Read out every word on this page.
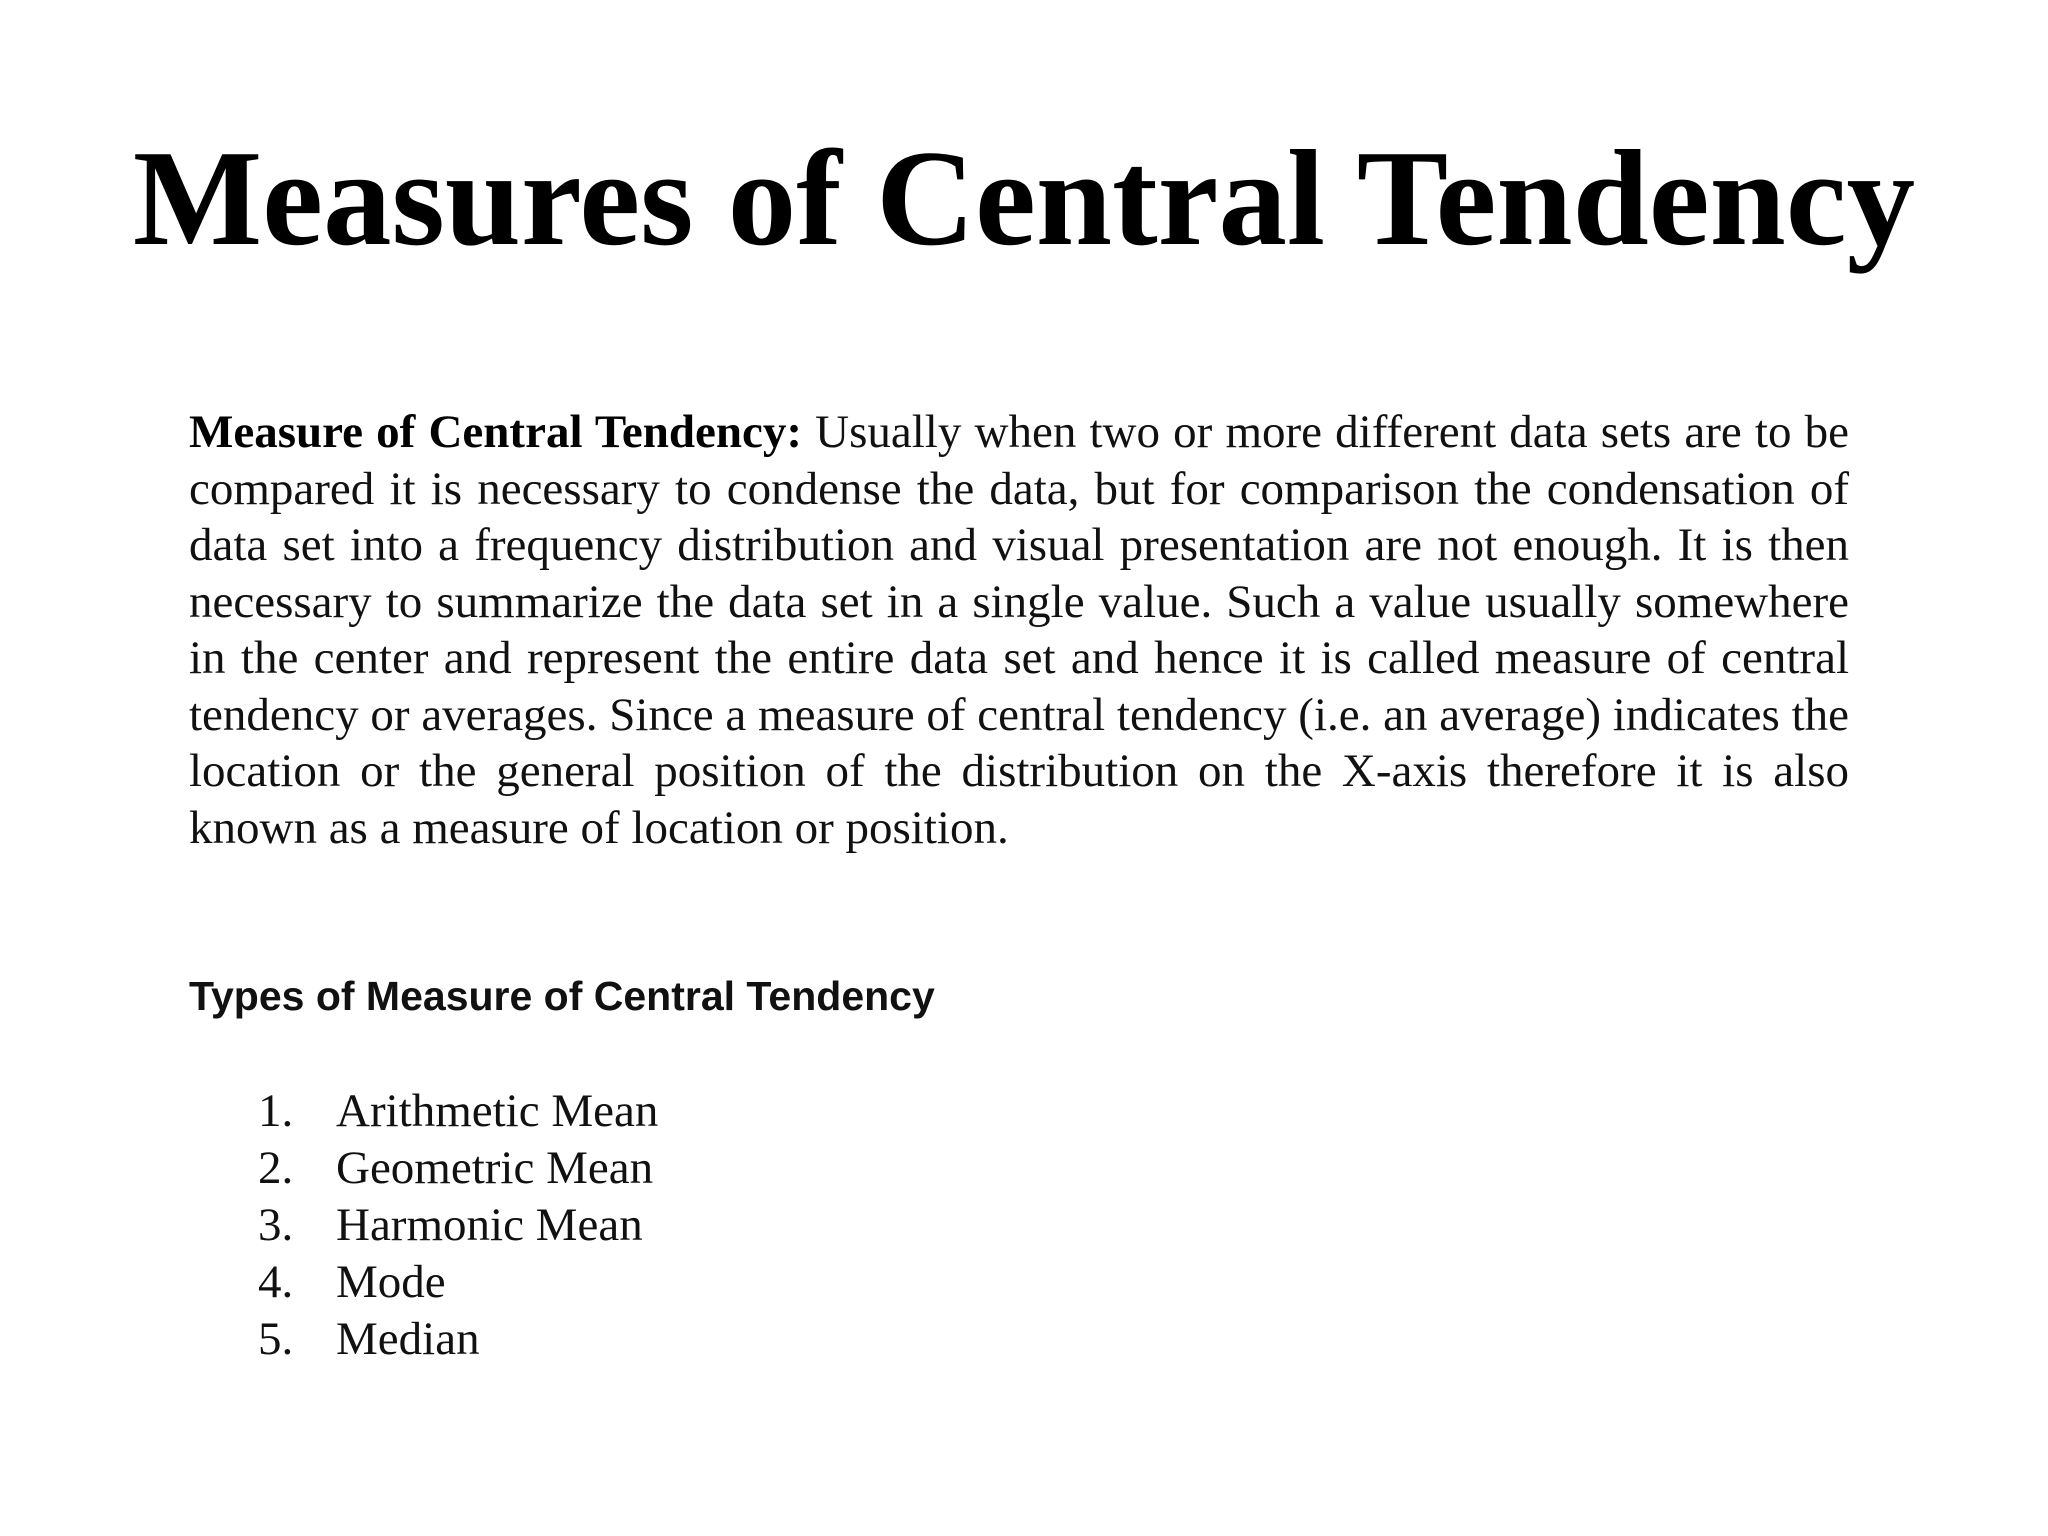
Measures of Central Tendency

Measure of Central Tendency: Usually when two or more different data sets are to be compared it is necessary to condense the data, but for comparison the condensation of data set into a frequency distribution and visual presentation are not enough. It is then necessary to summarize the data set in a single value. Such a value usually somewhere in the center and represent the entire data set and hence it is called measure of central tendency or averages. Since a measure of central tendency (i.e. an average) indicates the location or the general position of the distribution on the X-axis therefore it is also known as a measure of location or position.

Types of Measure of Central Tendency
1. Arithmetic Mean
2. Geometric Mean
3. Harmonic Mean
4. Mode
5. Median
